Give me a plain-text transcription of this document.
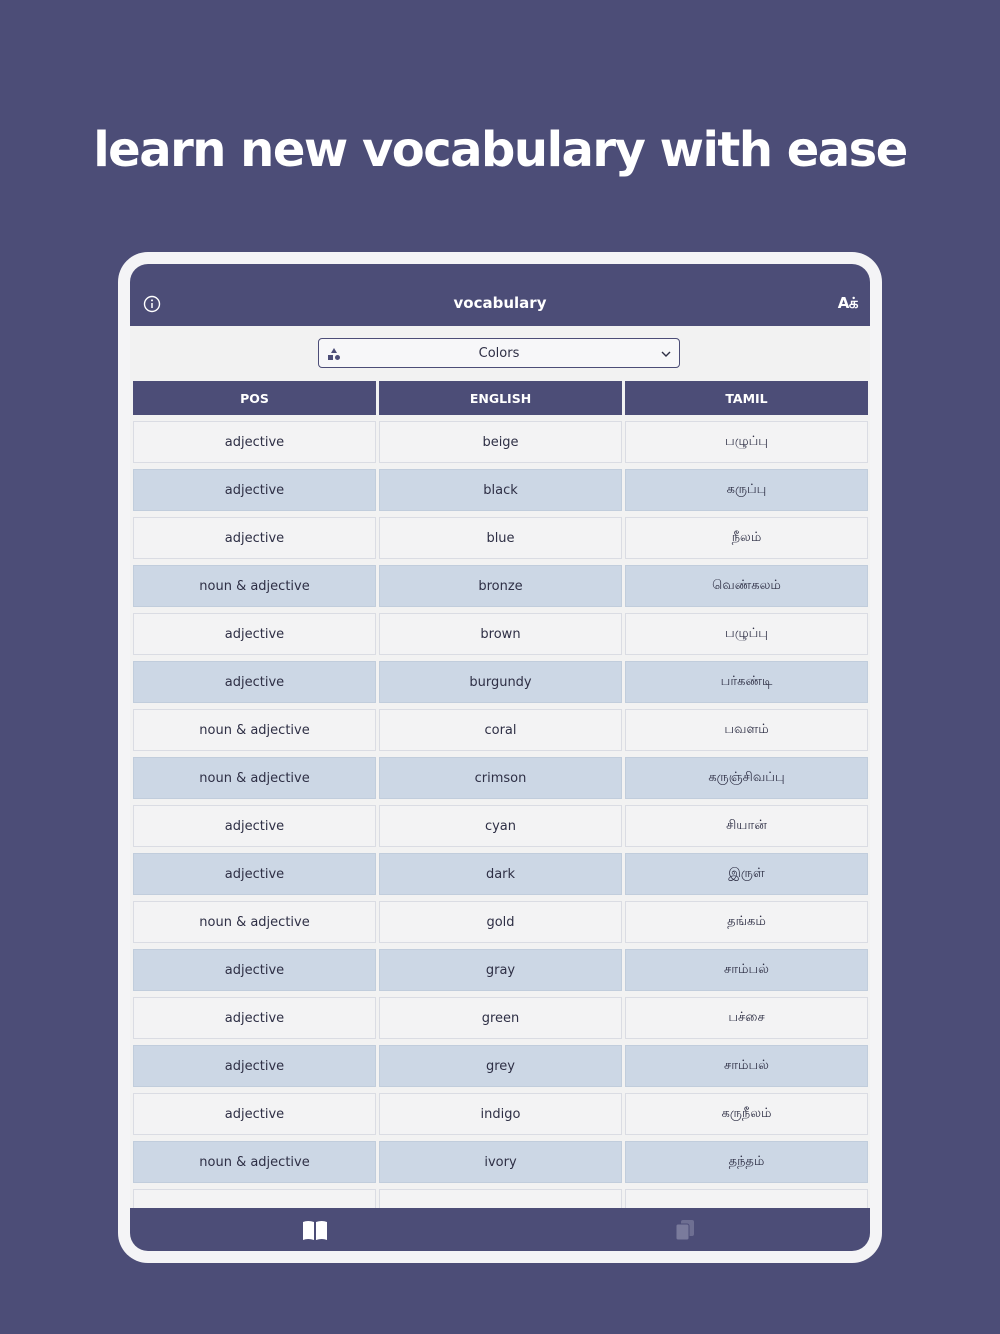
learn new vocabulary with ease
vocabulary	Aக்
Colors
POS	ENGLISH	TAMIL
adjective	beige	பழுப்பு
adjective	black	கருப்பு
adjective	blue	நீலம்
noun & adjective	bronze	வெண்கலம்
adjective	brown	பழுப்பு
adjective	burgundy	பர்கண்டி
noun & adjective	coral	பவளம்
noun & adjective	crimson	கருஞ்சிவப்பு
adjective	cyan	சியான்
adjective	dark	இருள்
noun & adjective	gold	தங்கம்
adjective	gray	சாம்பல்
adjective	green	பச்சை
adjective	grey	சாம்பல்
adjective	indigo	கருநீலம்
noun & adjective	ivory	தந்தம்
